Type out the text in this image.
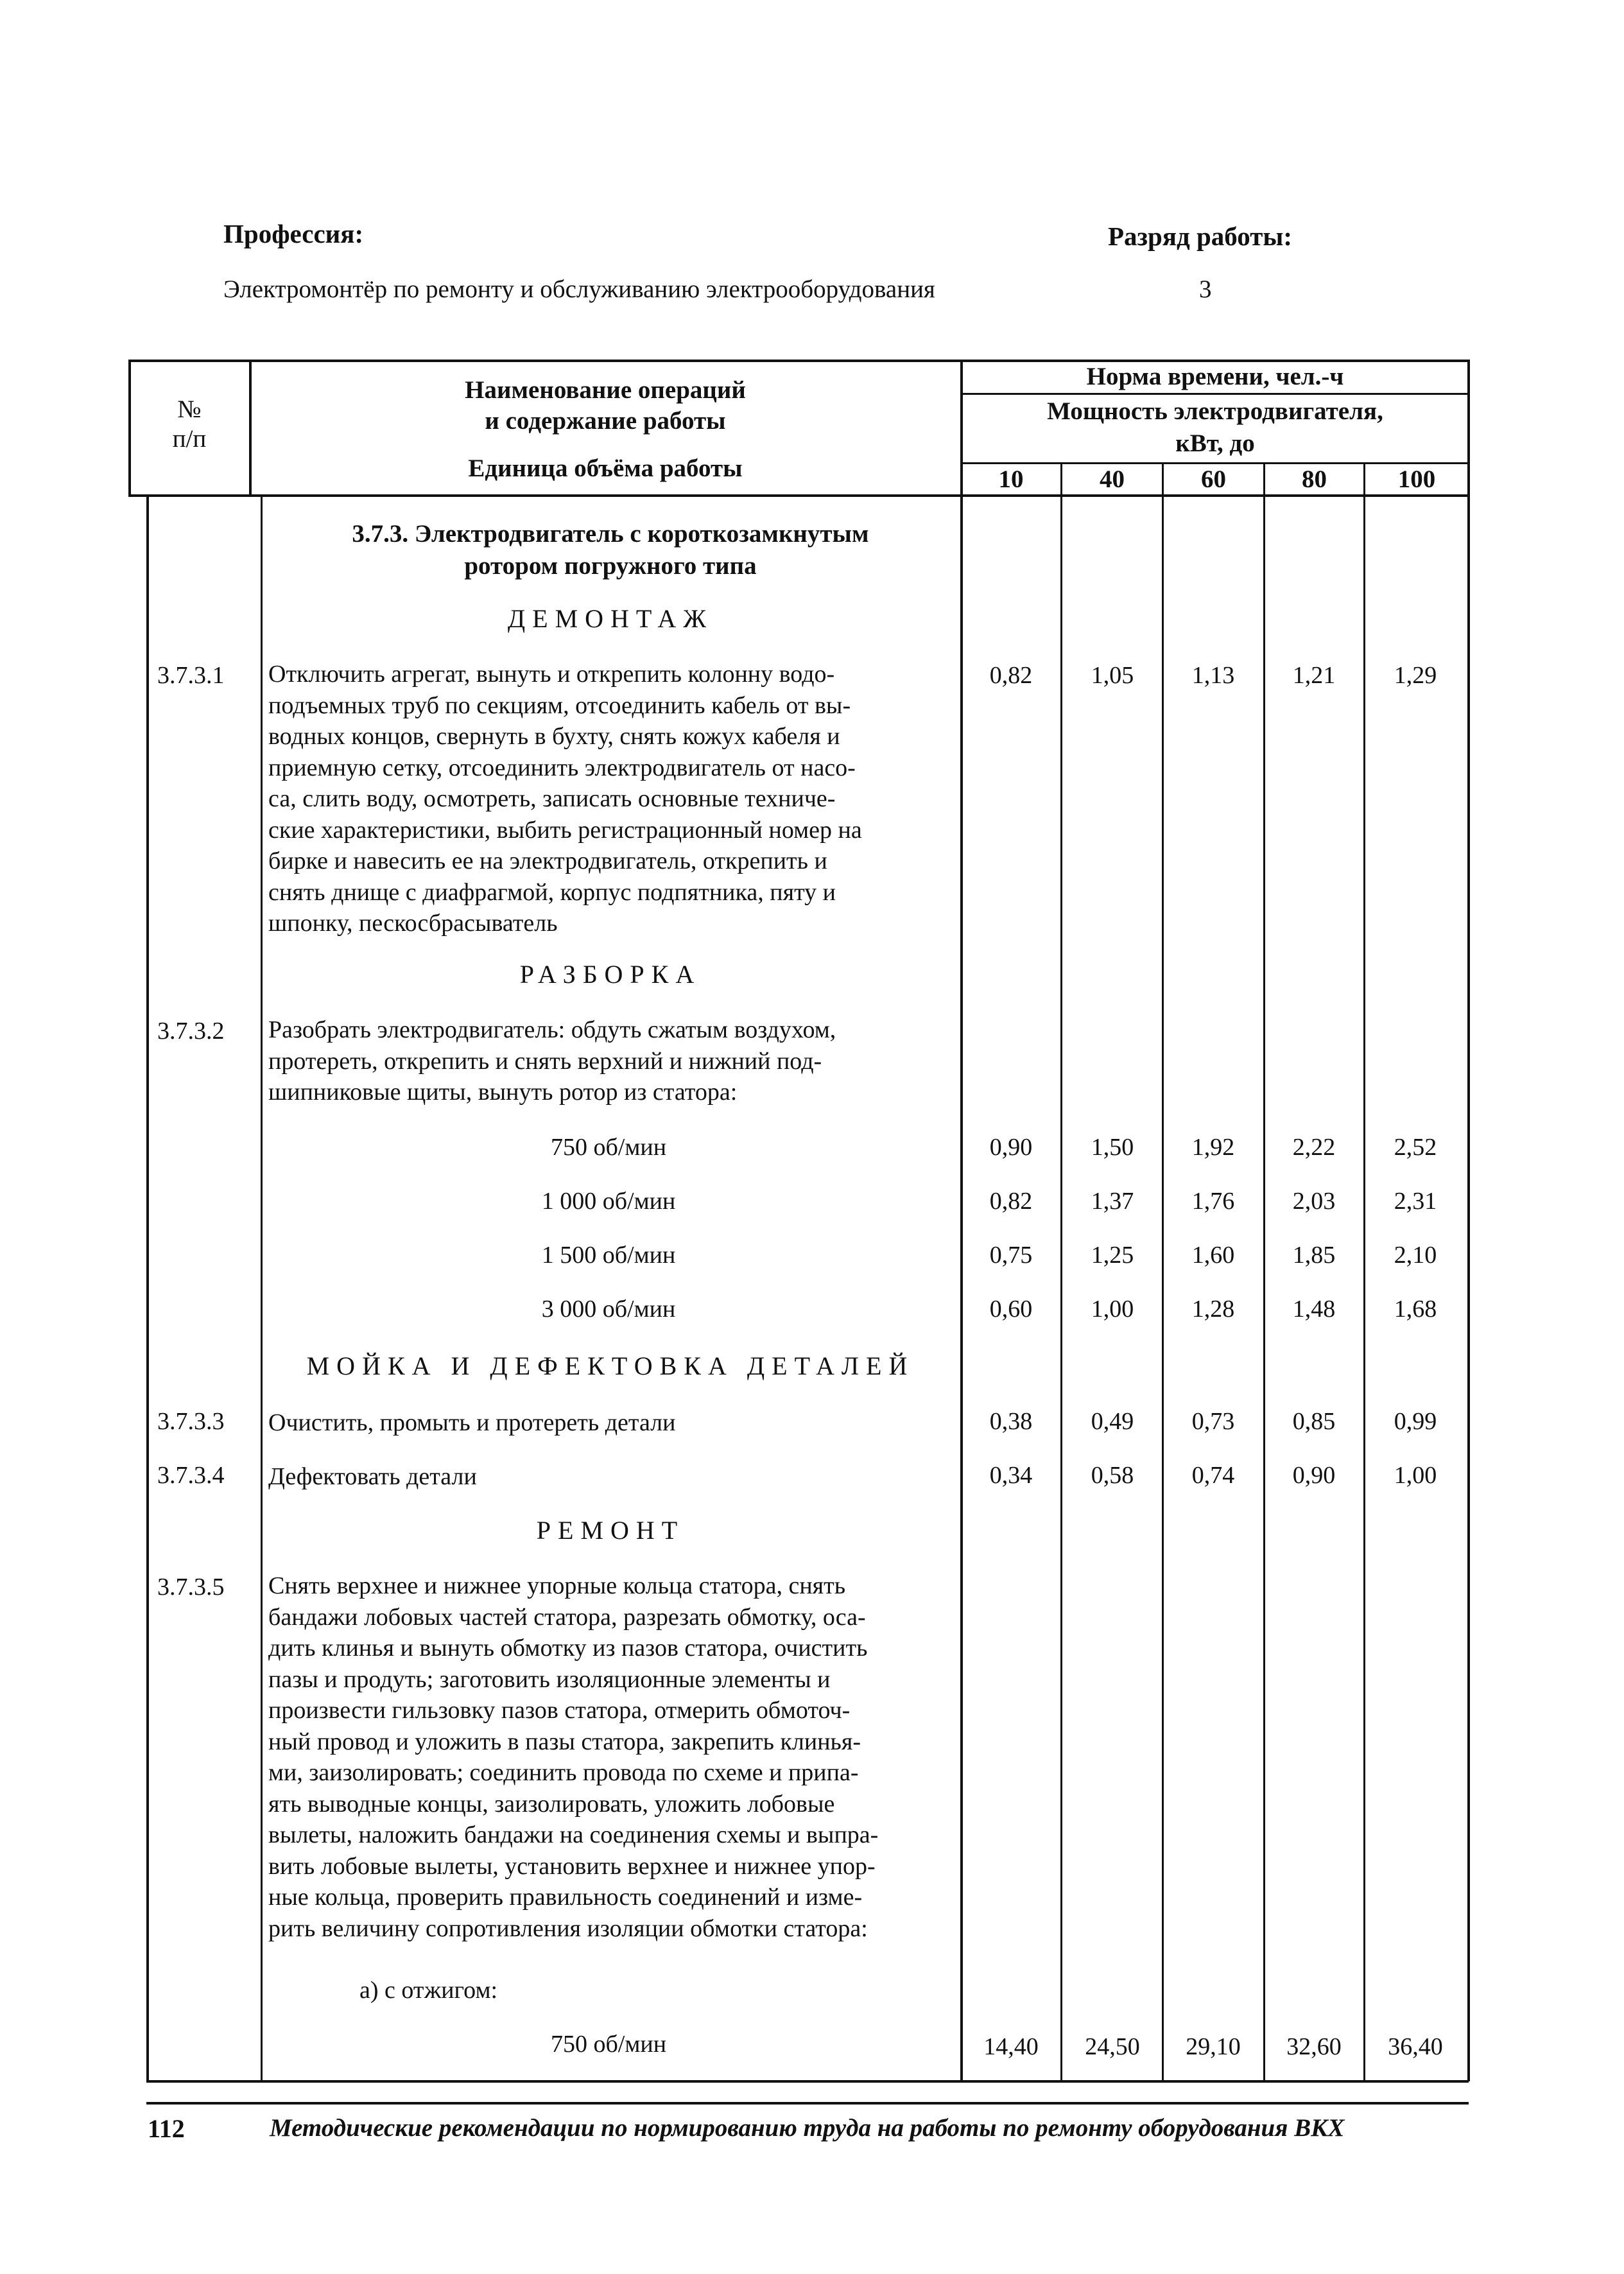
Профессия:	Разряд работы:
Электромонтёр по ремонту и обслуживанию электрооборудования	3
№
п/п
Наименование операций
и содержание работы
Единица объёма работы
Норма времени, чел.-ч
Мощность электродвигателя,
кВт, до
10	40	60	80	100
3.7.3. Электродвигатель с короткозамкнутым
ротором погружного типа
ДЕМОНТАЖ
3.7.3.1	Отключить агрегат, вынуть и открепить колонну водо-
подъемных труб по секциям, отсоединить кабель от вы-
водных концов, свернуть в бухту, снять кожух кабеля и
приемную сетку, отсоединить электродвигатель от насо-
са, слить воду, осмотреть, записать основные техниче-
ские характеристики, выбить регистрационный номер на
бирке и навесить ее на электродвигатель, открепить и
снять днище с диафрагмой, корпус подпятника, пяту и
шпонку, пескосбрасыватель
0,82	1,05	1,13	1,21	1,29
РАЗБОРКА
3.7.3.2	Разобрать электродвигатель: обдуть сжатым воздухом,
протереть, открепить и снять верхний и нижний под-
шипниковые щиты, вынуть ротор из статора:
750 об/мин	0,90	1,50	1,92	2,22	2,52
1 000 об/мин	0,82	1,37	1,76	2,03	2,31
1 500 об/мин	0,75	1,25	1,60	1,85	2,10
3 000 об/мин	0,60	1,00	1,28	1,48	1,68
МОЙКА И ДЕФЕКТОВКА ДЕТАЛЕЙ
3.7.3.3	Очистить, промыть и протереть детали	0,38	0,49	0,73	0,85	0,99
3.7.3.4	Дефектовать детали	0,34	0,58	0,74	0,90	1,00
РЕМОНТ
3.7.3.5	Снять верхнее и нижнее упорные кольца статора, снять
бандажи лобовых частей статора, разрезать обмотку, оса-
дить клинья и вынуть обмотку из пазов статора, очистить
пазы и продуть; заготовить изоляционные элементы и
произвести гильзовку пазов статора, отмерить обмоточ-
ный провод и уложить в пазы статора, закрепить клинья-
ми, заизолировать; соединить провода по схеме и припа-
ять выводные концы, заизолировать, уложить лобовые
вылеты, наложить бандажи на соединения схемы и выпра-
вить лобовые вылеты, установить верхнее и нижнее упор-
ные кольца, проверить правильность соединений и изме-
рить величину сопротивления изоляции обмотки статора:
а) с отжигом:
750 об/мин	14,40	24,50	29,10	32,60	36,40
112	Методические рекомендации по нормированию труда на работы по ремонту оборудования ВКХ
